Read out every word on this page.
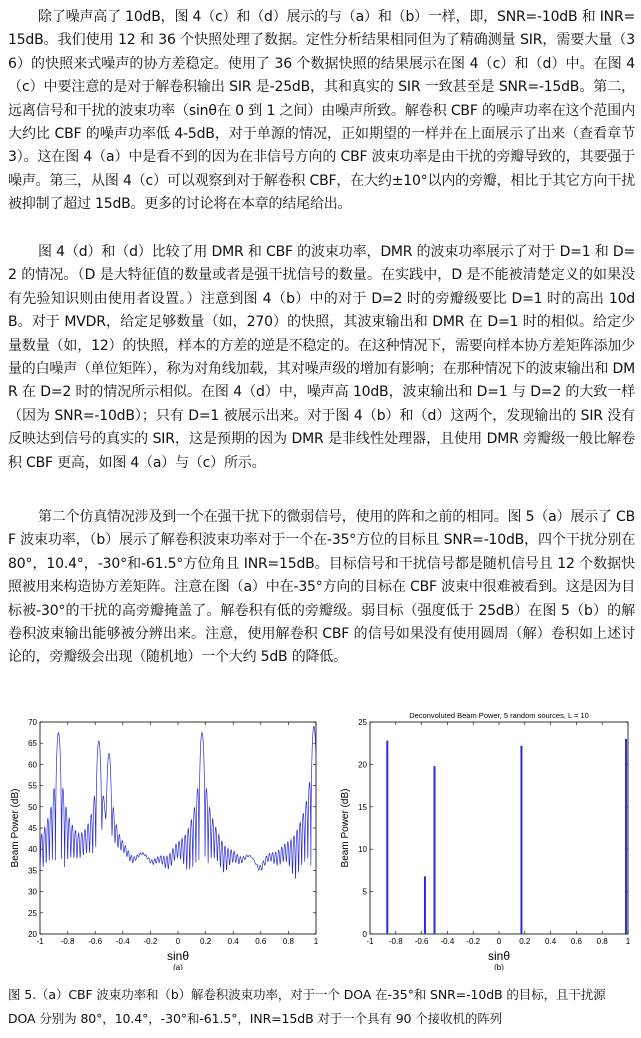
除了噪声高了 10dB，图 4（c）和（d）展示的与（a）和（b）一样，即，SNR=-10dB 和 INR=15dB。我们使用 12 和 36 个快照处理了数据。定性分析结果相同但为了精确测量 SIR，需要大量（36）的快照来式噪声的协方差稳定。使用了 36 个数据快照的结果展示在图 4（c）和（d）中。在图 4（c）中要注意的是对于解卷积输出 SIR 是-25dB，其和真实的 SIR 一致甚至是 SNR=-15dB。第二，远离信号和干扰的波束功率（sinθ在 0 到 1 之间）由噪声所致。解卷积 CBF 的噪声功率在这个范围内大约比 CBF 的噪声功率低 4-5dB，对于单源的情况，正如期望的一样并在上面展示了出来（查看章节 3）。这在图 4（a）中是看不到的因为在非信号方向的 CBF 波束功率是由干扰的旁瓣导致的，其要强于噪声。第三，从图 4（c）可以观察到对于解卷积 CBF，在大约±10°以内的旁瓣，相比于其它方向干扰被抑制了超过 15dB。更多的讨论将在本章的结尾给出。
图 4（d）和（d）比较了用 DMR 和 CBF 的波束功率，DMR 的波束功率展示了对于 D=1 和 D=2 的情况。（D 是大特征值的数量或者是强干扰信号的数量。在实践中，D 是不能被清楚定义的如果没有先验知识则由使用者设置。）注意到图 4（b）中的对于 D=2 时的旁瓣级要比 D=1 时的高出 10dB。对于 MVDR，给定足够数量（如，270）的快照，其波束输出和 DMR 在 D=1 时的相似。给定少量数量（如，12）的快照，样本的方差的逆是不稳定的。在这种情况下，需要向样本协方差矩阵添加少量的白噪声（单位矩阵），称为对角线加载，其对噪声级的增加有影响；在那种情况下的波束输出和 DMR 在 D=2 时的情况所示相似。在图 4（d）中，噪声高 10dB，波束输出和 D=1 与 D=2 的大致一样（因为 SNR=-10dB）；只有 D=1 被展示出来。对于图 4（b）和（d）这两个，发现输出的 SIR 没有反映达到信号的真实的 SIR，这是预期的因为 DMR 是非线性处理器，且使用 DMR 旁瓣级一般比解卷积 CBF 更高，如图 4（a）与（c）所示。
第二个仿真情况涉及到一个在强干扰下的微弱信号，使用的阵和之前的相同。图 5（a）展示了 CBF 波束功率，（b）展示了解卷积波束功率对于一个在-35°方位的目标且 SNR=-10dB，四个干扰分别在 80°，10.4°，-30°和-61.5°方位角且 INR=15dB。目标信号和干扰信号都是随机信号且 12 个数据快照被用来构造协方差矩阵。注意在图（a）中在-35°方向的目标在 CBF 波束中很难被看到。这是因为目标被-30°的干扰的高旁瓣掩盖了。解卷积有低的旁瓣级。弱目标（强度低于 25dB）在图 5（b）的解卷积波束输出能够被分辨出来。注意，使用解卷积 CBF 的信号如果没有使用圆周（解）卷积如上述讨论的，旁瓣级会出现（随机地）一个大约 5dB 的降低。
-1 -0.8 -0.6 -0.4 -0.2 0 0.2 0.4 0.6 0.8 1
20
25
30
35
40
45
50
55
60
65
70
Beam Power (dB)
sinθ
(a)
-1 -0.8 -0.6 -0.4 -0.2 0 0.2 0.4 0.6 0.8 1
0
5
10
15
20
25
Beam Power (dB)
sinθ
(b)
Deconvoluted Beam Power, 5 random sources, L = 10
图 5.（a）CBF 波束功率和（b）解卷积波束功率，对于一个 DOA 在-35°和 SNR=-10dB 的目标，且干扰源 DOA 分别为 80°，10.4°，-30°和-61.5°，INR=15dB 对于一个具有 90 个接收机的阵列
